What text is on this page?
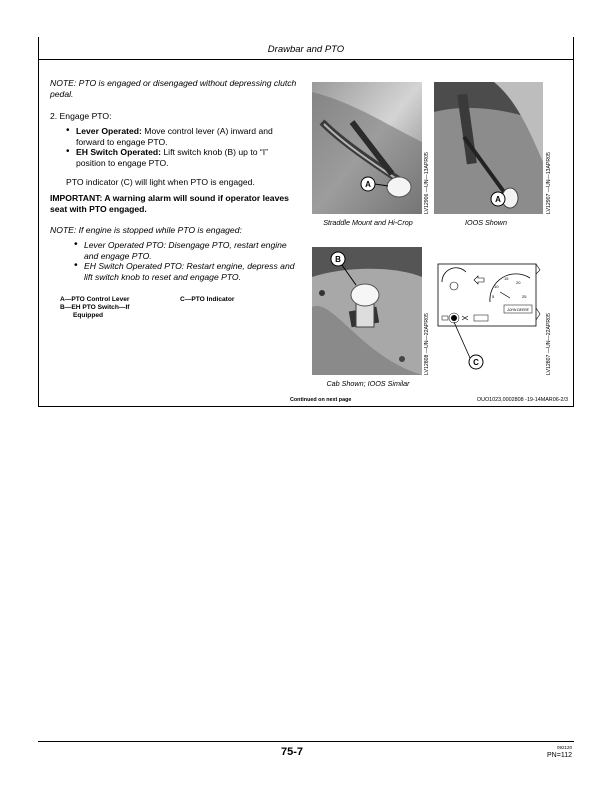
Drawbar and PTO
NOTE: PTO is engaged or disengaged without depressing clutch pedal.
2. Engage PTO:
• Lever Operated: Move control lever (A) inward and forward to engage PTO.
• EH Switch Operated: Lift switch knob (B) up to “I” position to engage PTO.
PTO indicator (C) will light when PTO is engaged.
IMPORTANT: A warning alarm will sound if operator leaves seat with PTO engaged.
NOTE: If engine is stopped while PTO is engaged:
• Lever Operated PTO: Disengage PTO, restart engine and engage PTO.
• EH Switch Operated PTO: Restart engine, depress and lift switch knob to reset and engage PTO.
A—PTO Control Lever
B—EH PTO Switch—If
Equipped
C—PTO Indicator
A	LV12906 —UN—13APR05
Straddle Mount and Hi-Crop
A	LV12907 —UN—13APR05
IOOS Shown
B
LV12808 —UN—22APR05
Cab Shown; IOOS Similar
15
10
20
5	25
JOHN DEERE
C	LV12807 —UN—22APR05
Continued on next page	OUO1023,0002808 -19-14MAR06-2/3
75-7	092120
PN=112
